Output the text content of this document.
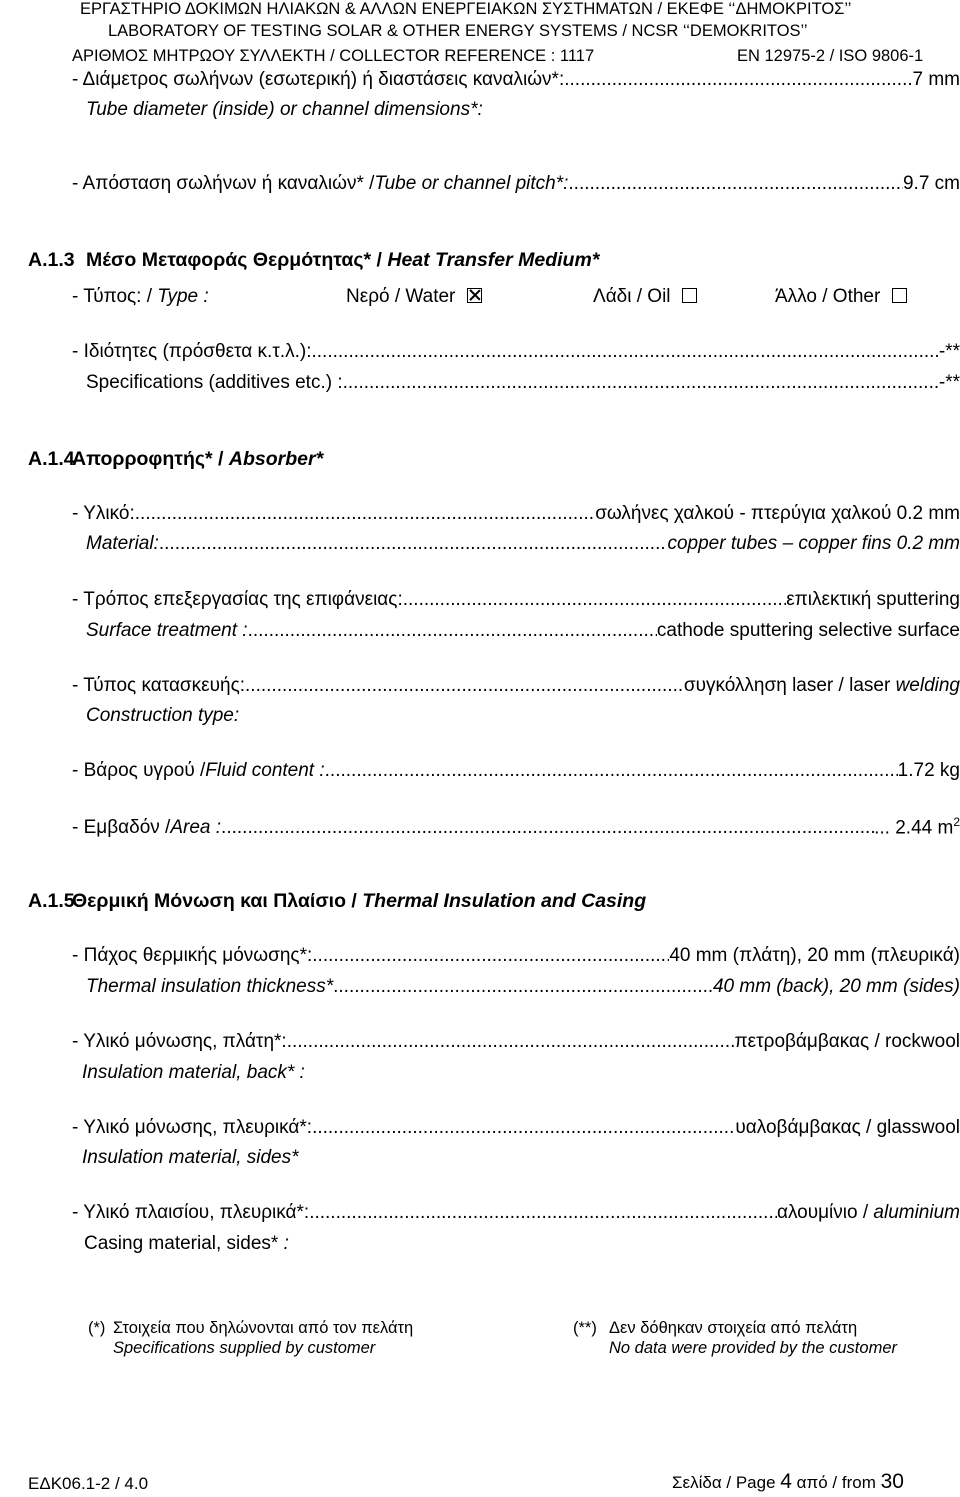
ΕΡΓΑΣΤΗΡΙΟ ΔΟΚΙΜΩΝ ΗΛΙΑΚΩΝ & ΑΛΛΩΝ ΕΝΕΡΓΕΙΑΚΩΝ ΣΥΣΤΗΜΑΤΩΝ / ΕΚΕΦΕ ‘‘ΔΗΜΟΚΡΙΤΟΣ’’
LABORATORY OF TESTING SOLAR & OTHER ENERGY SYSTEMS / NCSR ‘‘DEMOKRITOS’’
ΑΡΙΘΜΟΣ ΜΗΤΡΩΟΥ ΣΥΛΛΕΚΤΗ / COLLECTOR REFERENCE : 1117	EN 12975-2 / ISO 9806-1
- Διάμετρος σωλήνων (εσωτερική) ή διαστάσεις καναλιών*: .....	7 mm
Tube diameter (inside) or channel dimensions*:
- Απόσταση σωλήνων ή καναλιών* / Tube or channel pitch*: .....	9.7 cm
Α.1.3 Μέσο Μεταφοράς Θερμότητας* / Heat Transfer Medium*
- Τύπος: / Type :	Νερό / Water	Λάδι / Oil	Άλλο / Other
- Ιδιότητες (πρόσθετα κ.τ.λ.): .....	-**
Specifications (additives etc.) : .....	-**
Α.1.4
Απορροφητής* / Absorber*
- Υλικό: .....	σωλήνες χαλκού - πτερύγια χαλκού 0.2 mm
Material: .....	copper tubes – copper fins 0.2 mm
- Τρόπος επεξεργασίας της επιφάνειας: .....	επιλεκτική sputtering
Surface treatment : .....	cathode sputtering selective surface
- Τύπος κατασκευής: .....	συγκόλληση laser / laser welding
Construction type:
- Βάρος υγρού / Fluid content : .....	1.72 kg
- Εμβαδόν / Area : .....	... 2.44 $m^2$
Α.1.5
Θερμική Μόνωση και Πλαίσιο / Thermal Insulation and Casing
- Πάχος θερμικής μόνωσης*: .....	40 mm (πλάτη), 20 mm (πλευρικά)
Thermal insulation thickness* .....	40 mm (back), 20 mm (sides)
- Υλικό μόνωσης, πλάτη*: .....	πετροβάμβακας / rockwool
Insulation material, back* :
- Υλικό μόνωσης, πλευρικά*: .....	υαλοβάμβακας / glasswool
Insulation material, sides*
- Υλικό πλαισίου, πλευρικά*: .....	αλουμίνιο / aluminium
Casing material, sides* :
(*) Στοιχεία που δηλώνονται από τον πελάτη
Specifications supplied by customer
(**) Δεν δόθηκαν στοιχεία από πελάτη
No data were provided by the customer
ΕΔΚ06.1-2 / 4.0	Σελίδα / Page 4 από / from 30
